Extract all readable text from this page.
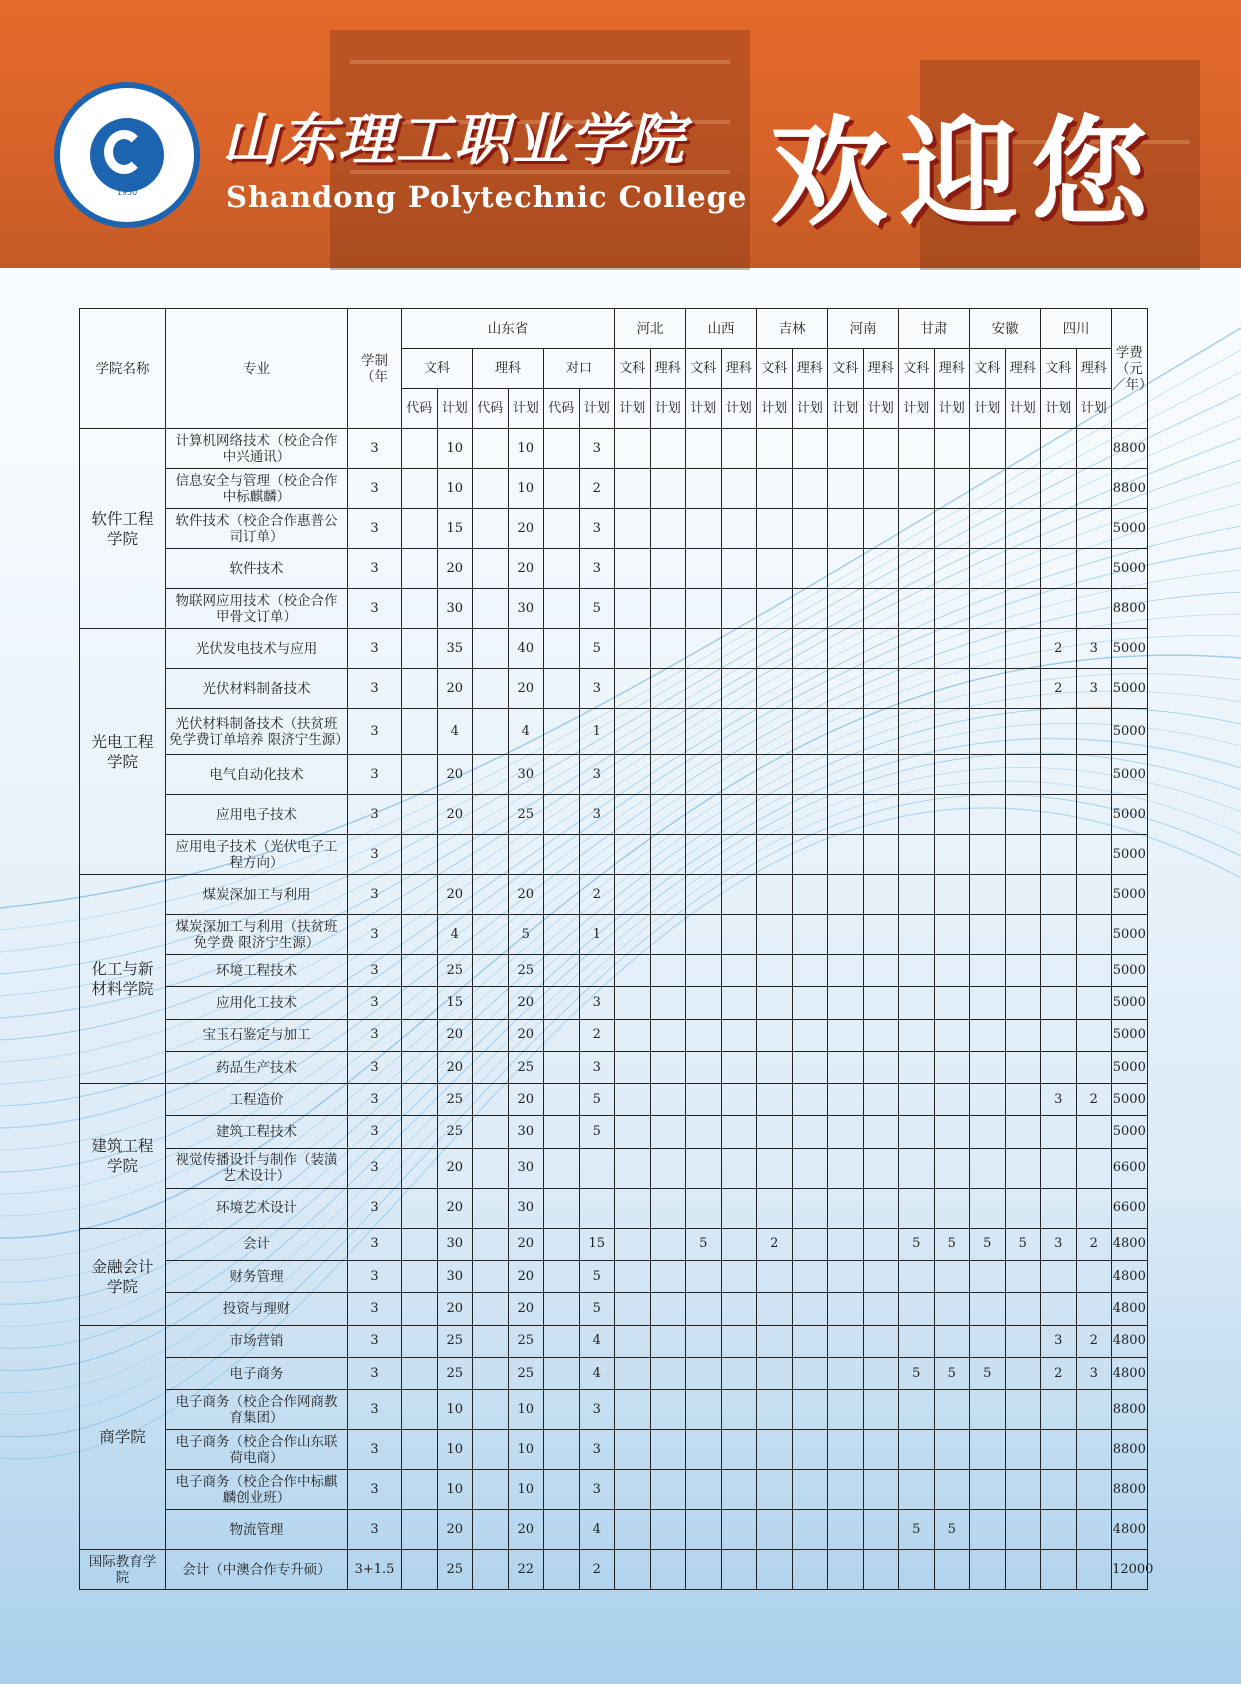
1950
山东理工职业学院
Shandong Polytechnic College 欢迎您
学院名称	专业	学制（年	山东省						河北		山西		吉林		河南		甘肃		安徽		四川		学费（元／年）
			文科		理科		对口		文科	理科	文科	理科	文科	理科	文科	理科	文科	理科	文科	理科	文科	理科	
			代码	计划	代码	计划	代码	计划	计划	计划	计划	计划	计划	计划	计划	计划	计划	计划	计划	计划	计划	计划	
软件工程学院	计算机网络技术（校企合作中兴通讯）	3		10		10		3															8800
	信息安全与管理（校企合作中标麒麟）	3		10		10		2															8800
	软件技术（校企合作惠普公司订单）	3		15		20		3															5000
	软件技术	3		20		20		3															5000
	物联网应用技术（校企合作甲骨文订单）	3		30		30		5															8800
光电工程学院	光伏发电技术与应用	3		35		40		5													2	3	5000
	光伏材料制备技术	3		20		20		3													2	3	5000
	光伏材料制备技术（扶贫班免学费订单培养 限济宁生源）	3		4		4		1															5000
	电气自动化技术	3		20		30		3															5000
	应用电子技术	3		20		25		3															5000
	应用电子技术（光伏电子工程方向）	3																					5000
化工与新材料学院	煤炭深加工与利用	3		20		20		2															5000
	煤炭深加工与利用（扶贫班免学费 限济宁生源）	3		4		5		1															5000
	环境工程技术	3		25		25																	5000
	应用化工技术	3		15		20		3															5000
	宝玉石鉴定与加工	3		20		20		2															5000
	药品生产技术	3		20		25		3															5000
建筑工程学院	工程造价	3		25		20		5													3	2	5000
	建筑工程技术	3		25		30		5															5000
	视觉传播设计与制作（装潢艺术设计）	3		20		30																	6600
	环境艺术设计	3		20		30																	6600
金融会计学院	会计	3		30		20		15			5		2				5	5	5	5	3	2	4800
	财务管理	3		30		20		5															4800
	投资与理财	3		20		20		5															4800
商学院	市场营销	3		25		25		4													3	2	4800
	电子商务	3		25		25		4									5	5	5		2	3	4800
	电子商务（校企合作网商教育集团）	3		10		10		3															8800
	电子商务（校企合作山东联荷电商）	3		10		10		3															8800
	电子商务（校企合作中标麒麟创业班）	3		10		10		3															8800
	物流管理	3		20		20		4									5	5					4800
国际教育学院	会计（中澳合作专升硕）	3+1.5		25		22		2															12000
